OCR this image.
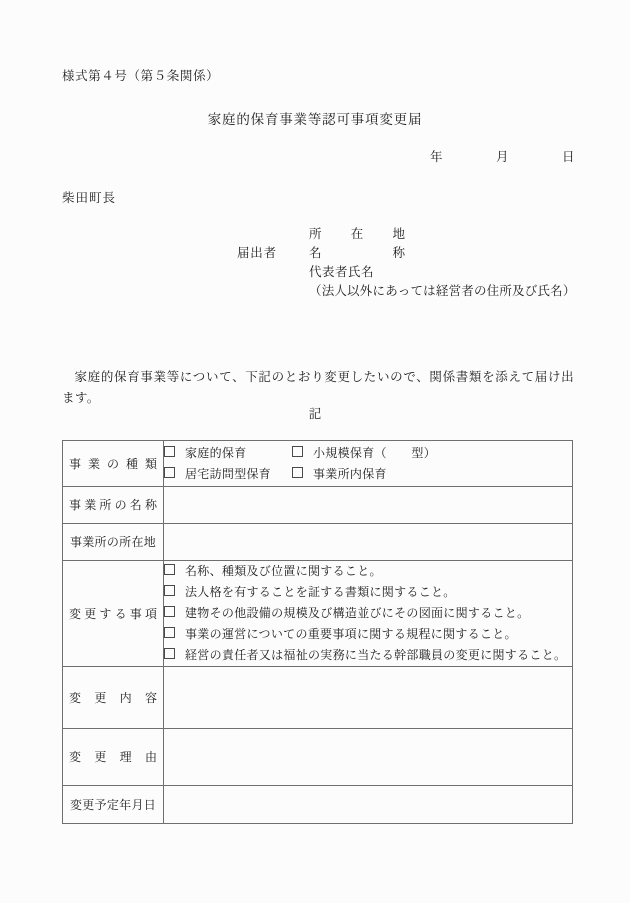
様式第４号（第５条関係）
家庭的保育事業等認可事項変更届
年	月	日
柴田町長
所在地
届出者	名称
代表者氏名
（法人以外にあっては経営者の住所及び氏名）
家庭的保育事業等について、下記のとおり変更したいので、関係書類を添えて届け出ます。
記
事業の種類	家庭的保育 小規模保育（　　型）
居宅訪問型保育 事業所内保育

事業所の名称	
事業所の所在地	
変更する事項	名称、種類及び位置に関すること。
法人格を有することを証する書類に関すること。
建物その他設備の規模及び構造並びにその図面に関すること。
事業の運営についての重要事項に関する規程に関すること。
経営の責任者又は福祉の実務に当たる幹部職員の変更に関すること。

変更内容	
変更理由	
変更予定年月日	
